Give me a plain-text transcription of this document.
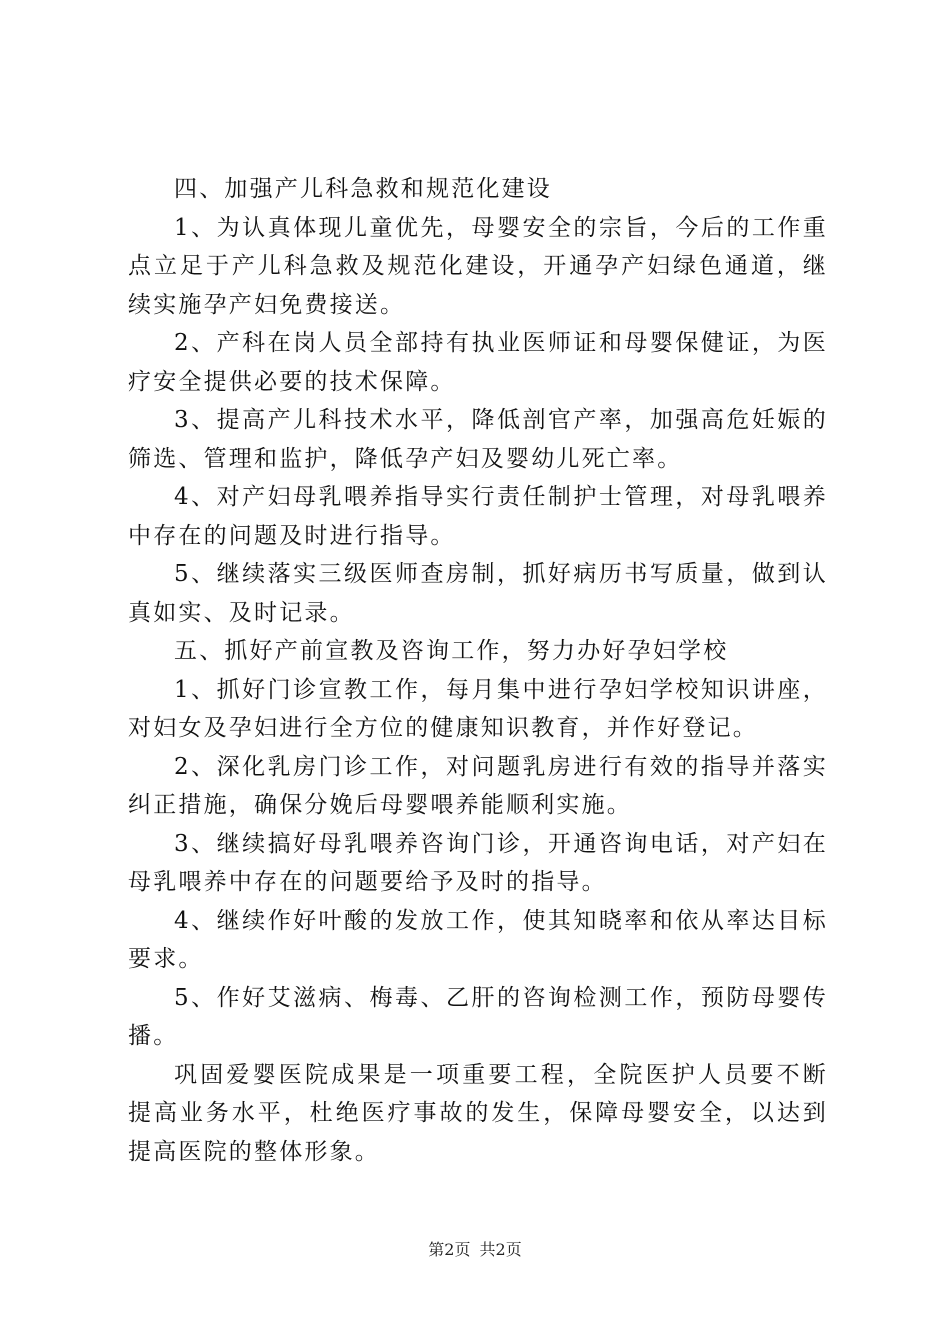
四、加强产儿科急救和规范化建设

1、为认真体现儿童优先，母婴安全的宗旨，今后的工作重点立足于产儿科急救及规范化建设，开通孕产妇绿色通道，继续实施孕产妇免费接送。

2、产科在岗人员全部持有执业医师证和母婴保健证，为医疗安全提供必要的技术保障。

3、提高产儿科技术水平，降低剖官产率，加强高危妊娠的筛选、管理和监护，降低孕产妇及婴幼儿死亡率。

4、对产妇母乳喂养指导实行责任制护士管理，对母乳喂养中存在的问题及时进行指导。

5、继续落实三级医师查房制，抓好病历书写质量，做到认真如实、及时记录。

五、抓好产前宣教及咨询工作，努力办好孕妇学校

1、抓好门诊宣教工作，每月集中进行孕妇学校知识讲座，对妇女及孕妇进行全方位的健康知识教育，并作好登记。

2、深化乳房门诊工作，对问题乳房进行有效的指导并落实纠正措施，确保分娩后母婴喂养能顺利实施。

3、继续搞好母乳喂养咨询门诊，开通咨询电话，对产妇在母乳喂养中存在的问题要给予及时的指导。

4、继续作好叶酸的发放工作，使其知晓率和依从率达目标要求。

5、作好艾滋病、梅毒、乙肝的咨询检测工作，预防母婴传播。

巩固爱婴医院成果是一项重要工程，全院医护人员要不断提高业务水平，杜绝医疗事故的发生，保障母婴安全，以达到提高医院的整体形象。

第2页 共2页
